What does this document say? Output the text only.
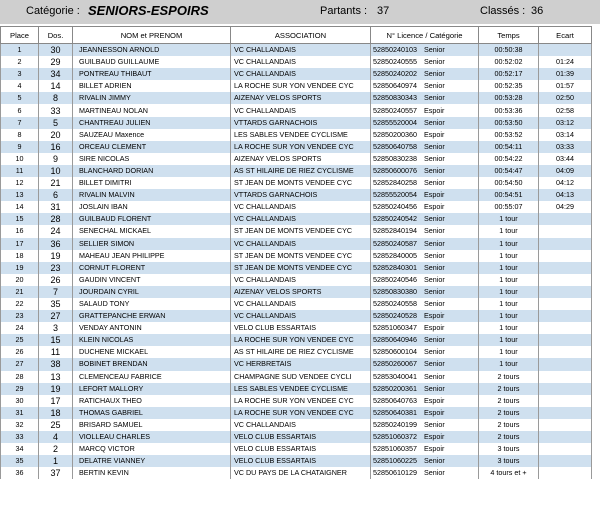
Catégorie : SENIORS-ESPOIRS	Partants : 37	Classés : 36
Place	Dos.	NOM et PRENOM	ASSOCIATION	N° Licence / Catégorie	Temps	Ecart
1	30	JEANNESSON ARNOLD	VC CHALLANDAIS	52850240103 Senior	00:50:38	
2	29	GUILBAUD GUILLAUME	VC CHALLANDAIS	52850240555 Senior	00:52:02	01:24
3	34	PONTREAU THIBAUT	VC CHALLANDAIS	52850240202 Senior	00:52:17	01:39
4	14	BILLET ADRIEN	LA ROCHE SUR YON VENDEE CYC	52850640974 Senior	00:52:35	01:57
5	8	RIVALIN JIMMY	AIZENAY VELOS SPORTS	52850830343 Senior	00:53:28	02:50
6	33	MARTINEAU NOLAN	VC CHALLANDAIS	52850240557 Espoir	00:53:36	02:58
7	5	CHANTREAU JULIEN	VTTARDS GARNACHOIS	52855520004 Senior	00:53:50	03:12
8	20	SAUZEAU Maxence	LES SABLES VENDEE CYCLISME	52850200360 Espoir	00:53:52	03:14
9	16	ORCEAU CLEMENT	LA ROCHE SUR YON VENDEE CYC	52850640758 Senior	00:54:11	03:33
10	9	SIRE NICOLAS	AIZENAY VELOS SPORTS	52850830238 Senior	00:54:22	03:44
11	10	BLANCHARD DORIAN	AS ST HILAIRE DE RIEZ CYCLISME	52850600076 Senior	00:54:47	04:09
12	21	BILLET DIMITRI	ST JEAN DE MONTS VENDEE CYC	52852840258 Senior	00:54:50	04:12
13	6	RIVALIN MALVIN	VTTARDS GARNACHOIS	52855520054 Espoir	00:54:51	04:13
14	31	JOSLAIN IBAN	VC CHALLANDAIS	52850240456 Espoir	00:55:07	04:29
15	28	GUILBAUD FLORENT	VC CHALLANDAIS	52850240542 Senior	1 tour	
16	24	SENECHAL MICKAEL	ST JEAN DE MONTS VENDEE CYC	52852840194 Senior	1 tour	
17	36	SELLIER SIMON	VC CHALLANDAIS	52850240587 Senior	1 tour	
18	19	MAHEAU JEAN PHILIPPE	ST JEAN DE MONTS VENDEE CYC	52852840005 Senior	1 tour	
19	23	CORNUT FLORENT	ST JEAN DE MONTS VENDEE CYC	52852840301 Senior	1 tour	
20	26	GAUDIN VINCENT	VC CHALLANDAIS	52850240546 Senior	1 tour	
21	7	JOURDAIN CYRIL	AIZENAY VELOS SPORTS	52850830380 Senior	1 tour	
22	35	SALAUD TONY	VC CHALLANDAIS	52850240558 Senior	1 tour	
23	27	GRATTEPANCHE ERWAN	VC CHALLANDAIS	52850240528 Espoir	1 tour	
24	3	VENDAY ANTONIN	VELO CLUB ESSARTAIS	52851060347 Espoir	1 tour	
25	15	KLEIN NICOLAS	LA ROCHE SUR YON VENDEE CYC	52850640946 Senior	1 tour	
26	11	DUCHENE MICKAEL	AS ST HILAIRE DE RIEZ CYCLISME	52850600104 Senior	1 tour	
27	38	BOBINET BRENDAN	VC HERBRETAIS	52850260067 Senior	1 tour	
28	13	CLEMENCEAU FABRICE	CHAMPAGNE SUD VENDEE CYCLI	52853040041 Senior	2 tours	
29	19	LEFORT MALLORY	LES SABLES VENDEE CYCLISME	52850200361 Senior	2 tours	
30	17	RATICHAUX THEO	LA ROCHE SUR YON VENDEE CYC	52850640763 Espoir	2 tours	
31	18	THOMAS GABRIEL	LA ROCHE SUR YON VENDEE CYC	52850640381 Espoir	2 tours	
32	25	BRISARD SAMUEL	VC CHALLANDAIS	52850240199 Senior	2 tours	
33	4	VIOLLEAU CHARLES	VELO CLUB ESSARTAIS	52851060372 Espoir	2 tours	
34	2	MARCQ VICTOR	VELO CLUB ESSARTAIS	52851060357 Espoir	3 tours	
35	1	DELATRE VIANNEY	VELO CLUB ESSARTAIS	52851060225 Senior	3 tours	
36	37	BERTIN KEVIN	VC DU PAYS DE LA CHATAIGNER	52850610129 Senior	4 tours et +	
